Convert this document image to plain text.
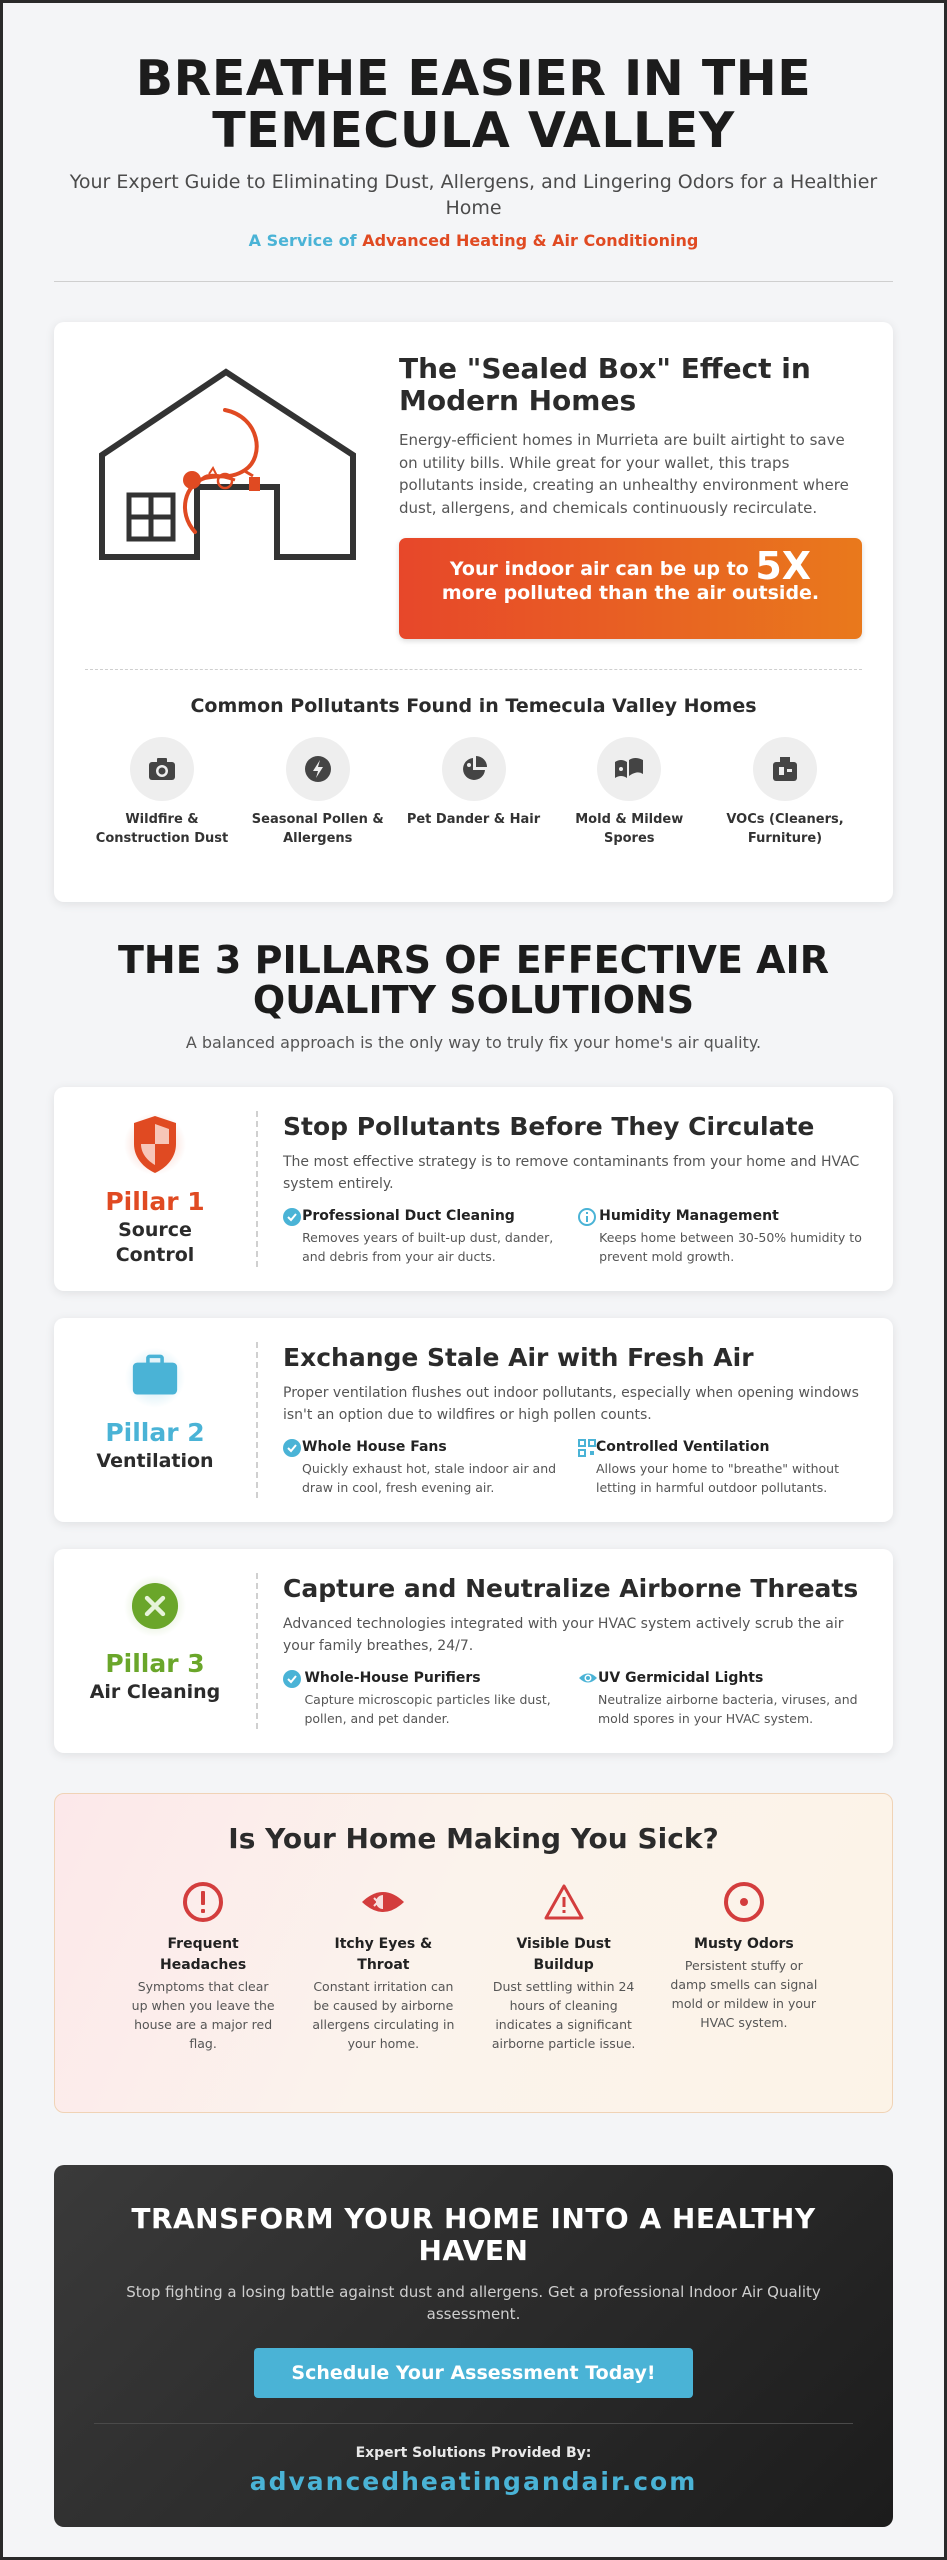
BREATHE EASIER IN THE
TEMECULA VALLEY
Your Expert Guide to Eliminating Dust, Allergens, and Lingering Odors for a Healthier Home
A Service of Advanced Heating & Air Conditioning
The "Sealed Box" Effect in Modern Homes

Energy-efficient homes in Murrieta are built airtight to save on utility bills. While great for your wallet, this traps pollutants inside, creating an unhealthy environment where dust, allergens, and chemicals continuously recirculate.

Your indoor air can be up to 5X
more polluted than the air outside.
Common Pollutants Found in Temecula Valley Homes
Wildfire & Construction Dust
Seasonal Pollen & Allergens
Pet Dander & Hair	Mold & Mildew Spores
VOCs (Cleaners, Furniture)
THE 3 PILLARS OF EFFECTIVE AIR
QUALITY SOLUTIONS

A balanced approach is the only way to truly fix your home's air quality.

Pillar 1
Source Control
Stop Pollutants Before They Circulate
The most effective strategy is to remove contaminants from your home and HVAC system entirely.
Professional Duct Cleaning
Removes years of built-up dust, dander, and debris from your air ducts.
Humidity Management
Keeps home between 30-50% humidity to prevent mold growth.
Pillar 2
Ventilation
Exchange Stale Air with Fresh Air
Proper ventilation flushes out indoor pollutants, especially when opening windows isn't an option due to wildfires or high pollen counts.
Whole House Fans
Quickly exhaust hot, stale indoor air and draw in cool, fresh evening air.
Controlled Ventilation
Allows your home to "breathe" without letting in harmful outdoor pollutants.
Pillar 3
Air Cleaning
Capture and Neutralize Airborne Threats
Advanced technologies integrated with your HVAC system actively scrub the air your family breathes, 24/7.
Whole-House Purifiers
Capture microscopic particles like dust, pollen, and pet dander.
UV Germicidal Lights
Neutralize airborne bacteria, viruses, and mold spores in your HVAC system.
Is Your Home Making You Sick?
Frequent Headaches
Symptoms that clear up when you leave the house are a major red flag.
Itchy Eyes & Throat
Constant irritation can be caused by airborne allergens circulating in your home.
Visible Dust Buildup
Dust settling within 24 hours of cleaning indicates a significant airborne particle issue.
Musty Odors
Persistent stuffy or damp smells can signal mold or mildew in your HVAC system.
TRANSFORM YOUR HOME INTO A HEALTHY
HAVEN

Stop fighting a losing battle against dust and allergens. Get a professional Indoor Air Quality assessment.

Schedule Your Assessment Today!
Expert Solutions Provided By:
advancedheatingandair.com
